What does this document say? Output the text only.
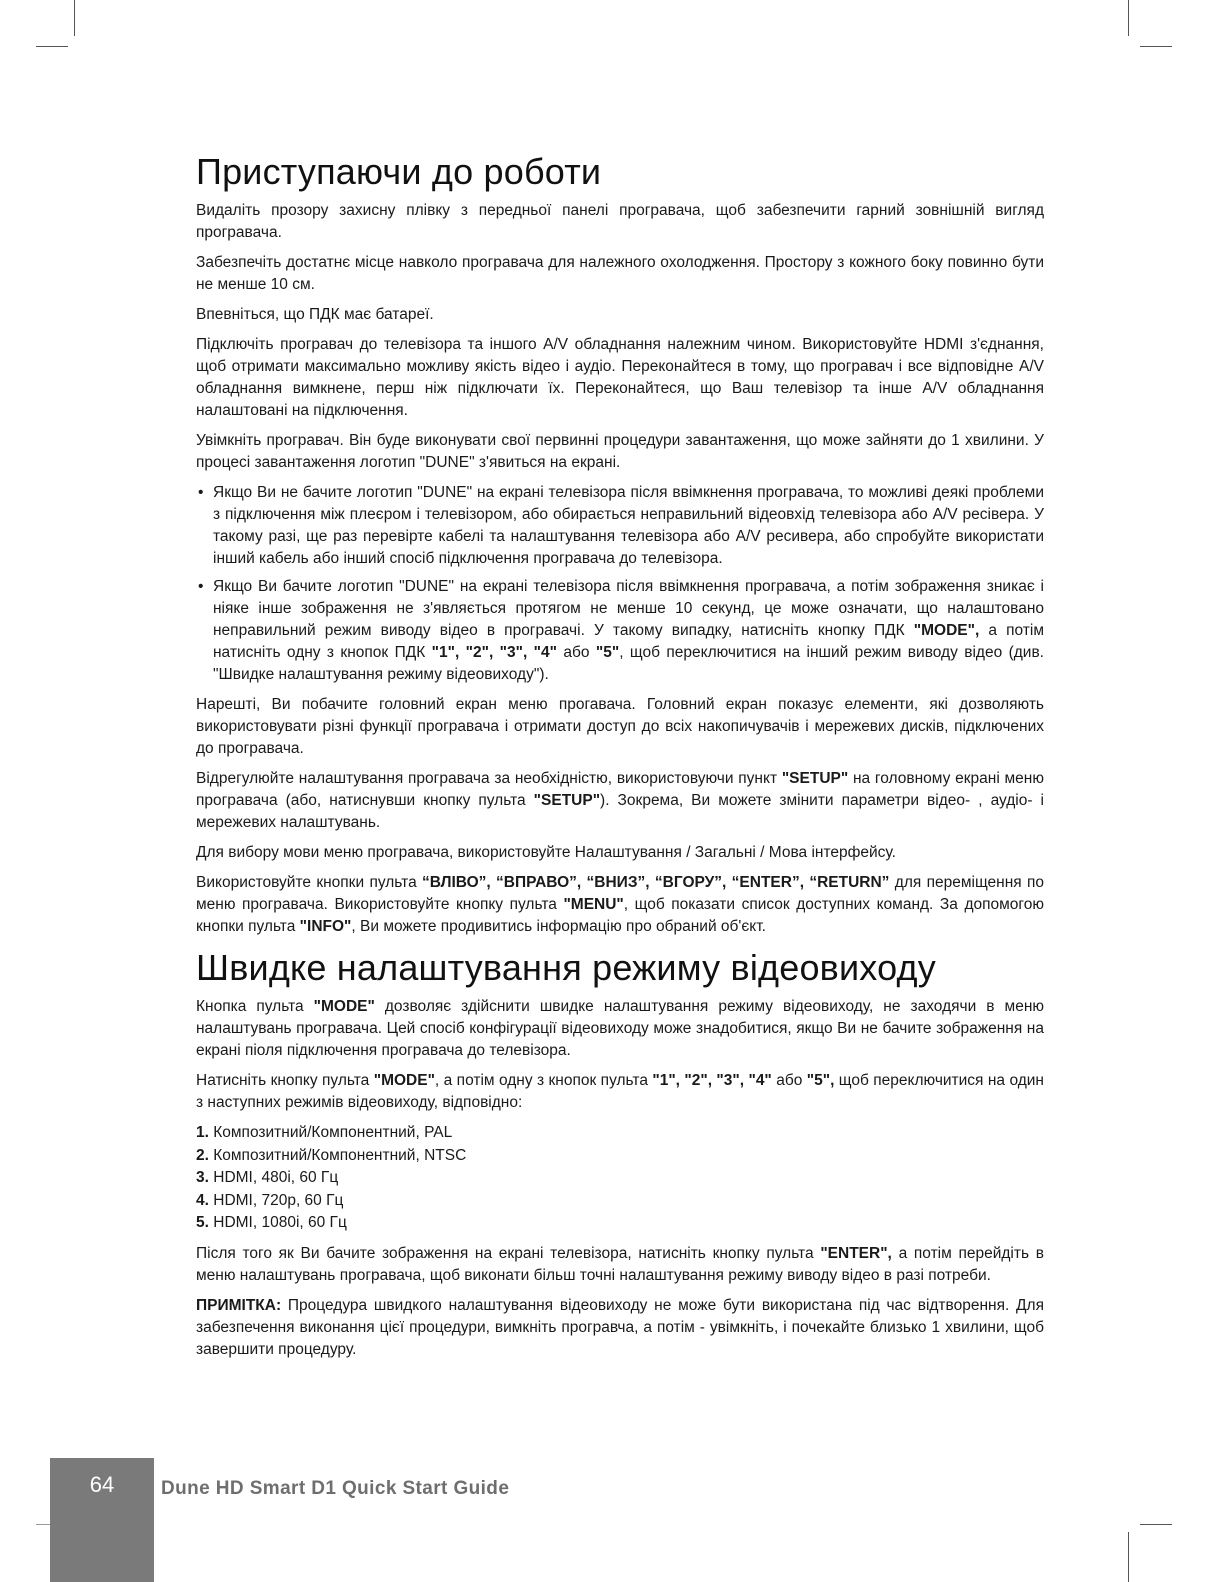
Приступаючи до роботи

Видаліть прозору захисну плівку з передньої панелі програвача, щоб забезпечити гарний зовнішній вигляд програвача.

Забезпечіть достатнє місце навколо програвача для належного охолодження. Простору з кожного боку повинно бути не менше 10 см.

Впевніться, що ПДК має батареї.

Підключіть програвач до телевізора та іншого A/V обладнання належним чином. Використовуйте HDMI з'єднання, щоб отримати максимально можливу якість відео і аудіо. Переконайтеся в тому, що програвач і все відповідне A/V обладнання вимкнене, перш ніж підключати їх. Переконайтеся, що Ваш телевізор та інше A/V обладнання налаштовані на підключення.

Увімкніть програвач. Він буде виконувати свої первинні процедури завантаження, що може зайняти до 1 хвилини. У процесі завантаження логотип "DUNE" з'явиться на екрані.

• Якщо Ви не бачите логотип "DUNE" на екрані телевізора після ввімкнення програвача, то можливі деякі проблеми з підключення між плеєром і телевізором, або обирається неправильний відеовхід телевізора або A/V ресівера. У такому разі, ще раз перевірте кабелі та налаштування телевізора або A/V ресивера, або спробуйте використати інший кабель або інший спосіб підключення програвача до телевізора.
• Якщо Ви бачите логотип "DUNE" на екрані телевізора після ввімкнення програвача, а потім зображення зникає і ніяке інше зображення не з'являється протягом не менше 10 секунд, це може означати, що налаштовано неправильний режим виводу відео в програвачі. У такому випадку, натисніть кнопку ПДК "MODE", а потім натисніть одну з кнопок ПДК "1", "2", "3", "4" або "5", щоб переключитися на інший режим виводу відео (див. "Швидке налаштування режиму відеовиходу").

Нарешті, Ви побачите головний екран меню прогавача. Головний екран показує елементи, які дозволяють використовувати різні функції програвача і отримати доступ до всіх накопичувачів і мережевих дисків, підключених до програвача.

Відрегулюйте налаштування програвача за необхідністю, використовуючи пункт "SETUP" на головному екрані меню програвача (або, натиснувши кнопку пульта "SETUP"). Зокрема, Ви можете змінити параметри відео- , аудіо- і мережевих налаштувань.

Для вибору мови меню програвача, використовуйте Налаштування / Загальні / Мова інтерфейсу.

Використовуйте кнопки пульта “ВЛІВО”, “ВПРАВО”, “ВНИЗ”, “ВГОРУ”, “ENTER”, “RETURN” для переміщення по меню програвача. Використовуйте кнопку пульта "MENU", щоб показати список доступних команд. За допомогою кнопки пульта "INFO", Ви можете продивитись інформацію про обраний об'єкт.

Швидке налаштування режиму відеовиходу

Кнопка пульта "MODE" дозволяє здійснити швидке налаштування режиму відеовиходу, не заходячи в меню налаштувань програвача. Цей спосіб конфігурації відеовиходу може знадобитися, якщо Ви не бачите зображення на екрані піоля підключення програвача до телевізора.

Натисніть кнопку пульта "MODE", а потім одну з кнопок пульта "1", "2", "3", "4" або "5", щоб переключитися на один з наступних режимів відеовиходу, відповідно:

1. Композитний/Компонентний, PAL
2. Композитний/Компонентний, NTSC
3. HDMI, 480i, 60 Гц
4. HDMI, 720p, 60 Гц
5. HDMI, 1080i, 60 Гц

Після того як Ви бачите зображення на екрані телевізора, натисніть кнопку пульта "ENTER", а потім перейдіть в меню налаштувань програвача, щоб виконати більш точні налаштування режиму виводу відео в разі потреби.

ПРИМІТКА: Процедура швидкого налаштування відеовиходу не може бути використана під час відтворення. Для забезпечення виконання цієї процедури, вимкніть програвча, а потім - увімкніть, і почекайте близько 1 хвилини, щоб завершити процедуру.

64	Dune HD Smart D1 Quick Start Guide
